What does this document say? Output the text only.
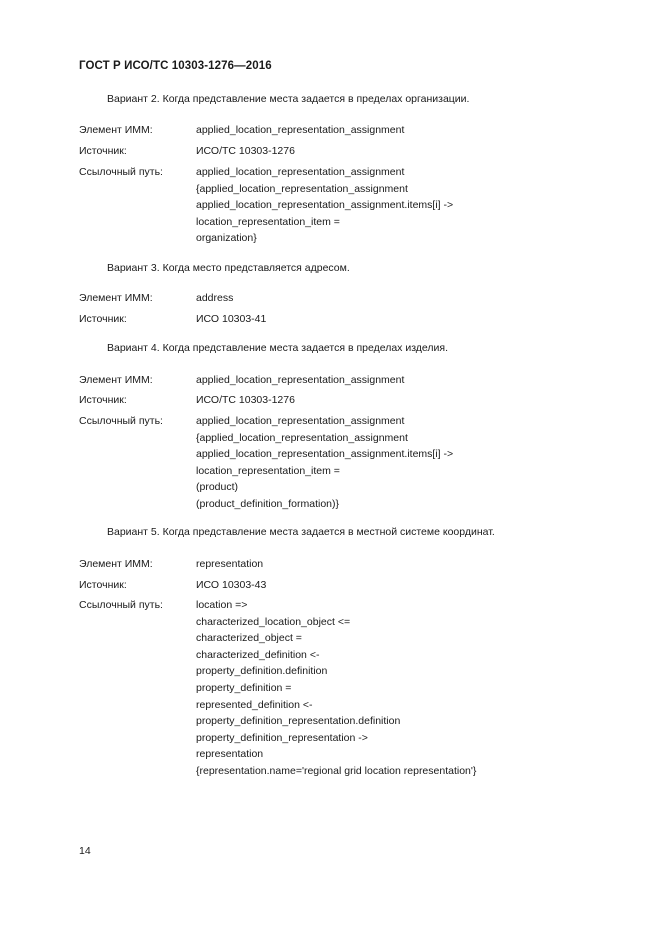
ГОСТ Р ИСО/ТС 10303-1276—2016
Вариант 2. Когда представление места задается в пределах организации.
Элемент ИММ:	applied_location_representation_assignment
Источник:	ИСО/ТС 10303-1276
Ссылочный путь:	applied_location_representation_assignment
{applied_location_representation_assignment
applied_location_representation_assignment.items[i] ->
location_representation_item =
organization}
Вариант 3. Когда место представляется адресом.
Элемент ИММ:	address
Источник:	ИСО 10303-41
Вариант 4. Когда представление места задается в пределах изделия.
Элемент ИММ:	applied_location_representation_assignment
Источник:	ИСО/ТС 10303-1276
Ссылочный путь:	applied_location_representation_assignment
{applied_location_representation_assignment
applied_location_representation_assignment.items[i] ->
location_representation_item =
(product)
(product_definition_formation)}
Вариант 5. Когда представление места задается в местной системе координат.
Элемент ИММ:	representation
Источник:	ИСО 10303-43
Ссылочный путь:	location =>
characterized_location_object <=
characterized_object =
characterized_definition <-
property_definition.definition
property_definition =
represented_definition <-
property_definition_representation.definition
property_definition_representation ->
representation
{representation.name='regional grid location representation'}
14
